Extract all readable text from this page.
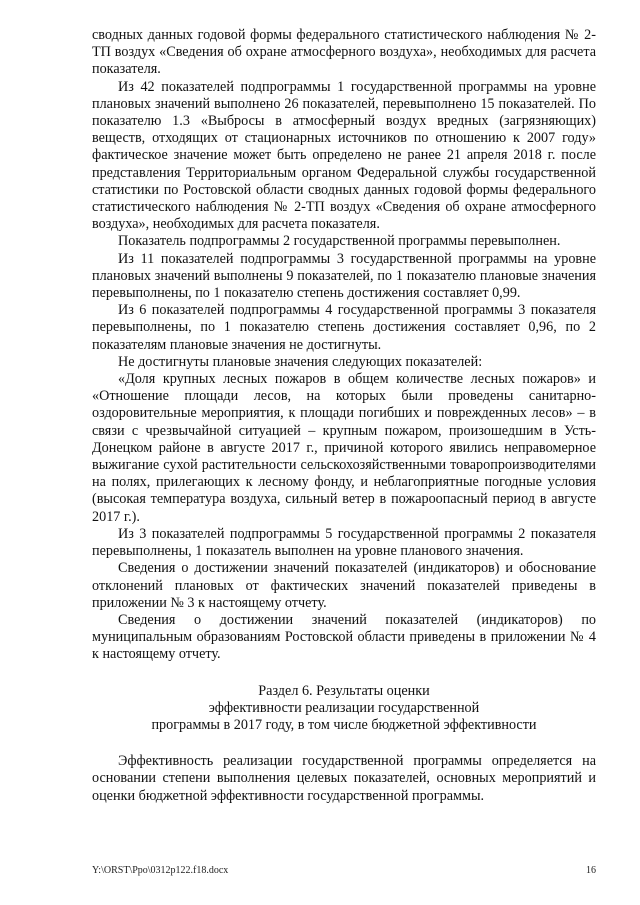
сводных данных годовой формы федерального статистического наблюдения № 2-ТП воздух «Сведения об охране атмосферного воздуха», необходимых для расчета показателя.

Из 42 показателей подпрограммы 1 государственной программы на уровне плановых значений выполнено 26 показателей, перевыполнено 15 показателей. По показателю 1.3 «Выбросы в атмосферный воздух вредных (загрязняющих) веществ, отходящих от стационарных источников по отношению к 2007 году» фактическое значение может быть определено не ранее 21 апреля 2018 г. после представления Территориальным органом Федеральной службы государственной статистики по Ростовской области сводных данных годовой формы федерального статистического наблюдения № 2-ТП воздух «Сведения об охране атмосферного воздуха», необходимых для расчета показателя.

Показатель подпрограммы 2 государственной программы перевыполнен.

Из 11 показателей подпрограммы 3 государственной программы на уровне плановых значений выполнены 9 показателей, по 1 показателю плановые значения перевыполнены, по 1 показателю степень достижения составляет 0,99.

Из 6 показателей подпрограммы 4 государственной программы 3 показателя перевыполнены, по 1 показателю степень достижения составляет 0,96, по 2 показателям плановые значения не достигнуты.

Не достигнуты плановые значения следующих показателей:

«Доля крупных лесных пожаров в общем количестве лесных пожаров» и «Отношение площади лесов, на которых были проведены санитарно-оздоровительные мероприятия, к площади погибших и поврежденных лесов» – в связи с чрезвычайной ситуацией – крупным пожаром, произошедшим в Усть-Донецком районе в августе 2017 г., причиной которого явились неправомерное выжигание сухой растительности сельскохозяйственными товаропроизводителями на полях, прилегающих к лесному фонду, и неблагоприятные погодные условия (высокая температура воздуха, сильный ветер в пожароопасный период в августе 2017 г.).

Из 3 показателей подпрограммы 5 государственной программы 2 показателя перевыполнены, 1 показатель выполнен на уровне планового значения.

Сведения о достижении значений показателей (индикаторов) и обоснование отклонений плановых от фактических значений показателей приведены в приложении № 3 к настоящему отчету.

Сведения о достижении значений показателей (индикаторов) по муниципальным образованиям Ростовской области приведены в приложении № 4 к настоящему отчету.

Раздел 6. Результаты оценки
эффективности реализации государственной
программы в 2017 году, в том числе бюджетной эффективности

Эффективность реализации государственной программы определяется на основании степени выполнения целевых показателей, основных мероприятий и оценки бюджетной эффективности государственной программы.

Y:\ORST\Ppo\0312p122.f18.docx	16
